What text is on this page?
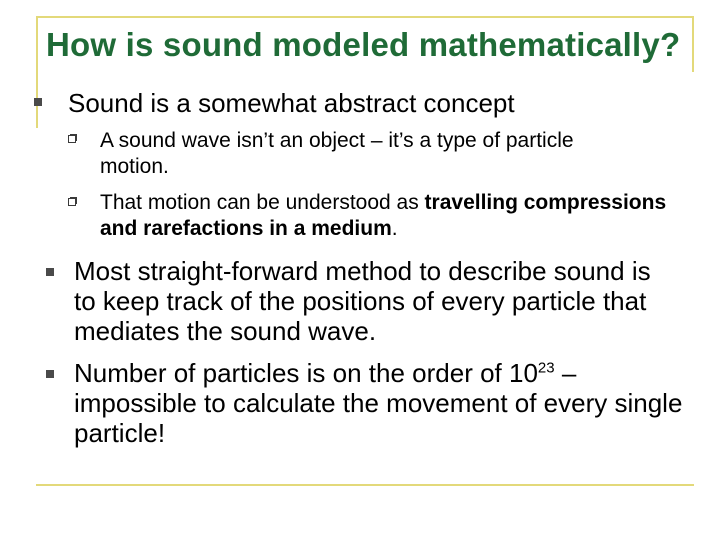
Sound is a somewhat abstract concept
How is sound modeled mathematically?
A sound wave isn’t an object – it’s a type of particle motion.
That motion can be understood as travelling compressions and rarefactions in a medium.
Most straight-forward method to describe sound is to keep track of the positions of every particle that mediates the sound wave.
Number of particles is on the order of $10^{23}$ – impossible to calculate the movement of every single particle!
